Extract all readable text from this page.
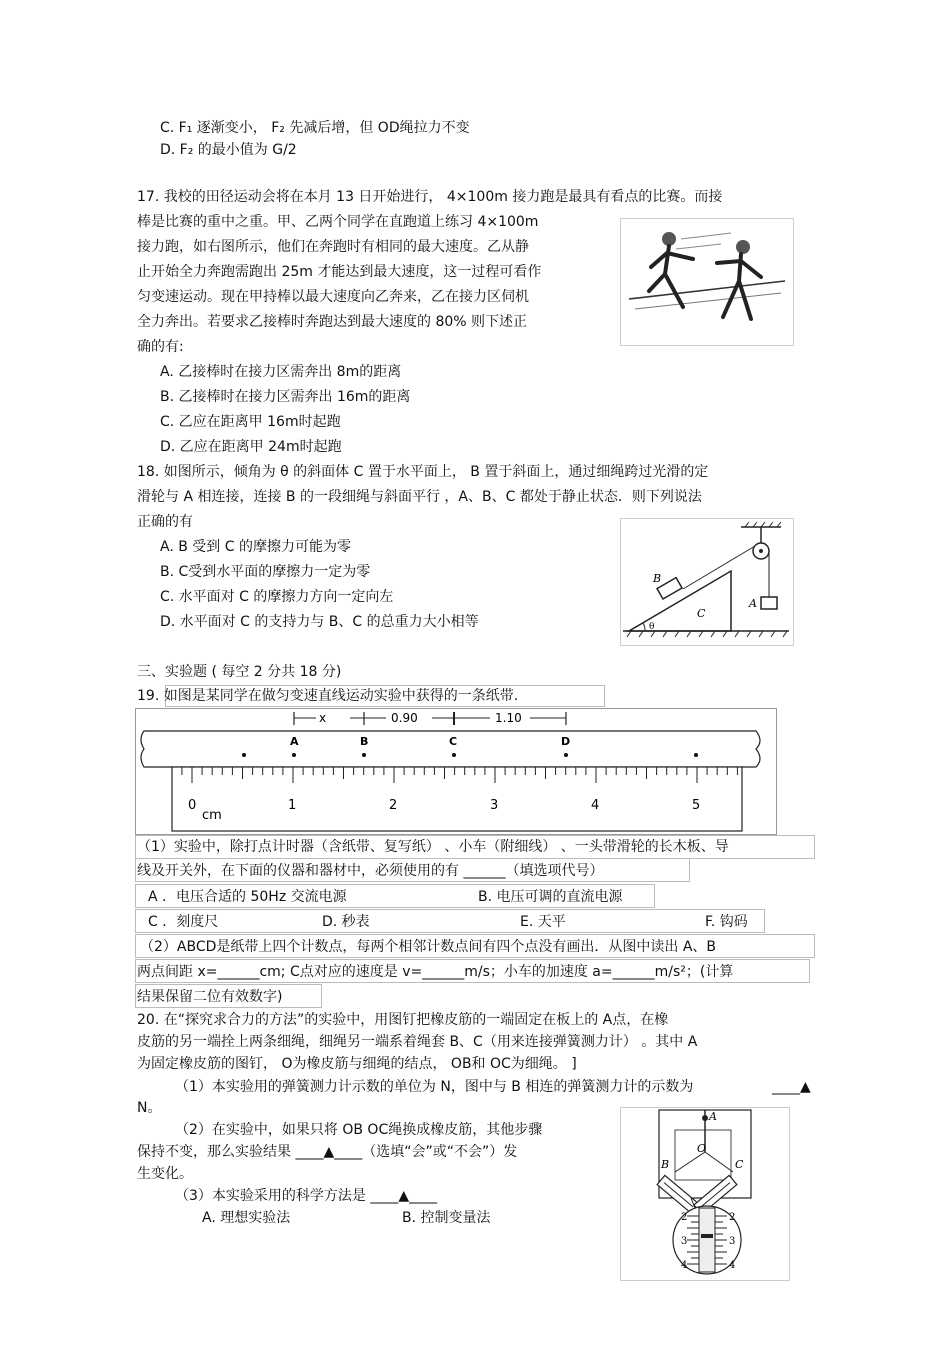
C. F₁ 逐渐变小， F₂ 先减后增，但 OD绳拉力不变
D. F₂ 的最小值为 G/2
17. 我校的田径运动会将在本月 13 日开始进行， 4×100m 接力跑是最具有看点的比赛。而接
棒是比赛的重中之重。甲、乙两个同学在直跑道上练习 4×100m
接力跑，如右图所示，他们在奔跑时有相同的最大速度。乙从静
止开始全力奔跑需跑出 25m 才能达到最大速度，这一过程可看作
匀变速运动。现在甲持棒以最大速度向乙奔来，乙在接力区伺机
全力奔出。若要求乙接棒时奔跑达到最大速度的 80% 则下述正
确的有:
A. 乙接棒时在接力区需奔出 8m的距离
B. 乙接棒时在接力区需奔出 16m的距离
C. 乙应在距离甲 16m时起跑
D. 乙应在距离甲 24m时起跑
18. 如图所示，倾角为 θ 的斜面体 C 置于水平面上， B 置于斜面上，通过细绳跨过光滑的定
滑轮与 A 相连接，连接 B 的一段细绳与斜面平行 ，A、B、C 都处于静止状态．则下列说法
正确的有
A. B 受到 C 的摩擦力可能为零
B. C受到水平面的摩擦力一定为零
C. 水平面对 C 的摩擦力方向一定向左
D. 水平面对 C 的支持力与 B、C 的总重力大小相等
B
C
A
θ
三、实验题 ( 每空 2 分共 18 分)
19. 如图是某同学在做匀变速直线运动实验中获得的一条纸带.
x	0.90	1.10
A	B	C	D
0	1	2	3	4	5
cm
（1）实验中，除打点计时器（含纸带、复写纸） 、小车（附细线） 、一头带滑轮的长木板、导
线及开关外，在下面的仪器和器材中，必须使用的有 ______（填选项代号）
A ．电压合适的 50Hz 交流电源	B. 电压可调的直流电源
C ．刻度尺	D. 秒表	E. 天平	F. 钩码
（2）ABCD是纸带上四个计数点，每两个相邻计数点间有四个点没有画出．从图中读出 A、B
两点间距 x=______cm; C点对应的速度是 v=______m/s；小车的加速度 a=______m/s²；(计算
结果保留二位有效数字)
20. 在“探究求合力的方法”的实验中，用图钉把橡皮筋的一端固定在板上的 A点，在橡
皮筋的另一端拴上两条细绳，细绳另一端系着绳套 B、C（用来连接弹簧测力计） 。其中 A
为固定橡皮筋的图钉， O为橡皮筋与细绳的结点， OB和 OC为细绳。 ]
（1）本实验用的弹簧测力计示数的单位为 N，图中与 B 相连的弹簧测力计的示数为	____▲
N。
（2）在实验中，如果只将 OB OC绳换成橡皮筋，其他步骤
保持不变，那么实验结果 ____▲____（选填“会”或“不会”）发
生变化。
（3）本实验采用的科学方法是 ____▲____
A. 理想实验法	B. 控制变量法
A
O
B	C
2
3
4
2
3
4
